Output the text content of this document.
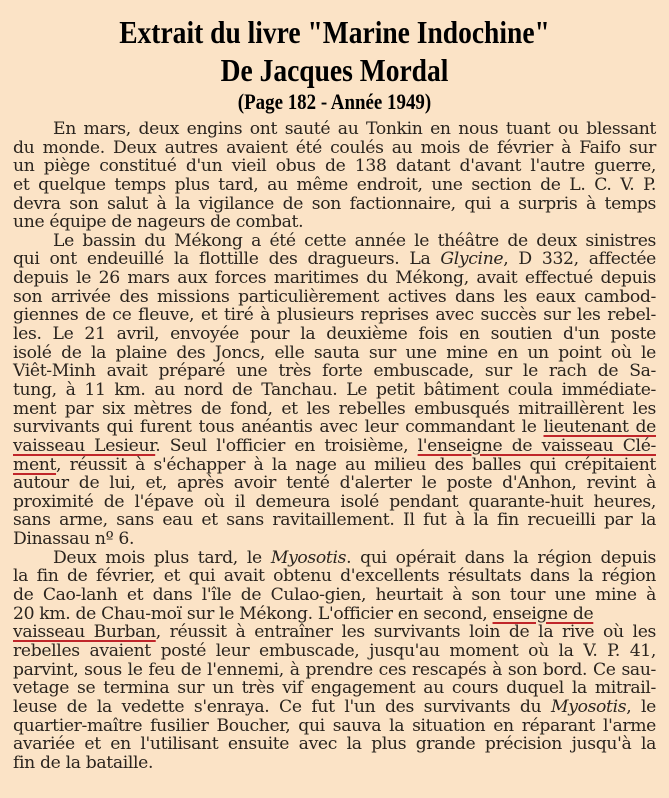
Extrait du livre "Marine Indochine"
De Jacques Mordal
(Page 182 - Année 1949)
En mars, deux engins ont sauté au Tonkin en nous tuant ou blessant
du monde. Deux autres avaient été coulés au mois de février à Faifo sur
un piège constitué d'un vieil obus de 138 datant d'avant l'autre guerre,
et quelque temps plus tard, au même endroit, une section de L. C. V. P.
devra son salut à la vigilance de son factionnaire, qui a surpris à temps
une équipe de nageurs de combat.
Le bassin du Mékong a été cette année le théâtre de deux sinistres
qui ont endeuillé la flottille des dragueurs. La Glycine, D 332, affectée
depuis le 26 mars aux forces maritimes du Mékong, avait effectué depuis
son arrivée des missions particulièrement actives dans les eaux cambod-
giennes de ce fleuve, et tiré à plusieurs reprises avec succès sur les rebel-
les. Le 21 avril, envoyée pour la deuxième fois en soutien d'un poste
isolé de la plaine des Joncs, elle sauta sur une mine en un point où le
Viêt-Minh avait préparé une très forte embuscade, sur le rach de Sa-
tung, à 11 km. au nord de Tanchau. Le petit bâtiment coula immédiate-
ment par six mètres de fond, et les rebelles embusqués mitraillèrent les
survivants qui furent tous anéantis avec leur commandant le lieutenant de
vaisseau Lesieur. Seul l'officier en troisième, l'enseigne de vaisseau Clé-
ment, réussit à s'échapper à la nage au milieu des balles qui crépitaient
autour de lui, et, après avoir tenté d'alerter le poste d'Anhon, revint à
proximité de l'épave où il demeura isolé pendant quarante-huit heures,
sans arme, sans eau et sans ravitaillement. Il fut à la fin recueilli par la
Dinassau nº 6.
Deux mois plus tard, le Myosotis. qui opérait dans la région depuis
la fin de février, et qui avait obtenu d'excellents résultats dans la région
de Cao-lanh et dans l'île de Culao-gien, heurtait à son tour une mine à
20 km. de Chau-moï sur le Mékong. L'officier en second, enseigne de
vaisseau Burban, réussit à entraîner les survivants loin de la rive où les
rebelles avaient posté leur embuscade, jusqu'au moment où la V. P. 41,
parvint, sous le feu de l'ennemi, à prendre ces rescapés à son bord. Ce sau-
vetage se termina sur un très vif engagement au cours duquel la mitrail-
leuse de la vedette s'enraya. Ce fut l'un des survivants du Myosotis, le
quartier-maître fusilier Boucher, qui sauva la situation en réparant l'arme
avariée et en l'utilisant ensuite avec la plus grande précision jusqu'à la
fin de la bataille.
